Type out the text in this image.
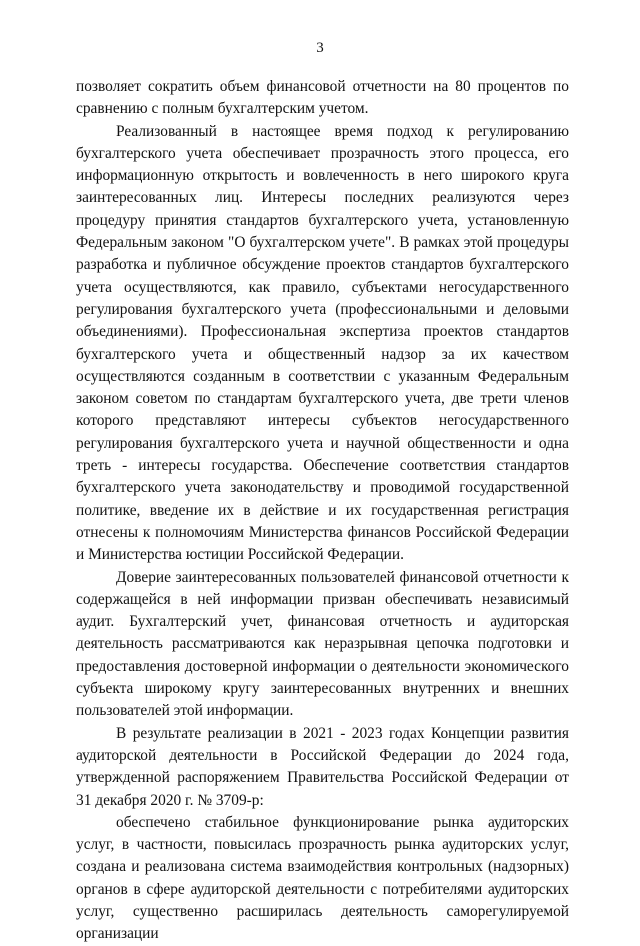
3

позволяет сократить объем финансовой отчетности на 80 процентов по сравнению с полным бухгалтерским учетом.

Реализованный в настоящее время подход к регулированию бухгалтерского учета обеспечивает прозрачность этого процесса, его информационную открытость и вовлеченность в него широкого круга заинтересованных лиц. Интересы последних реализуются через процедуру принятия стандартов бухгалтерского учета, установленную Федеральным законом "О бухгалтерском учете". В рамках этой процедуры разработка и публичное обсуждение проектов стандартов бухгалтерского учета осуществляются, как правило, субъектами негосударственного регулирования бухгалтерского учета (профессиональными и деловыми объединениями). Профессиональная экспертиза проектов стандартов бухгалтерского учета и общественный надзор за их качеством осуществляются созданным в соответствии с указанным Федеральным законом советом по стандартам бухгалтерского учета, две трети членов которого представляют интересы субъектов негосударственного регулирования бухгалтерского учета и научной общественности и одна треть - интересы государства. Обеспечение соответствия стандартов бухгалтерского учета законодательству и проводимой государственной политике, введение их в действие и их государственная регистрация отнесены к полномочиям Министерства финансов Российской Федерации и Министерства юстиции Российской Федерации.

Доверие заинтересованных пользователей финансовой отчетности к содержащейся в ней информации призван обеспечивать независимый аудит. Бухгалтерский учет, финансовая отчетность и аудиторская деятельность рассматриваются как неразрывная цепочка подготовки и предоставления достоверной информации о деятельности экономического субъекта широкому кругу заинтересованных внутренних и внешних пользователей этой информации.

В результате реализации в 2021 - 2023 годах Концепции развития аудиторской деятельности в Российской Федерации до 2024 года, утвержденной распоряжением Правительства Российской Федерации от 31 декабря 2020 г. № 3709-р:

обеспечено стабильное функционирование рынка аудиторских услуг, в частности, повысилась прозрачность рынка аудиторских услуг, создана и реализована система взаимодействия контрольных (надзорных) органов в сфере аудиторской деятельности с потребителями аудиторских услуг, существенно расширилась деятельность саморегулируемой организации
